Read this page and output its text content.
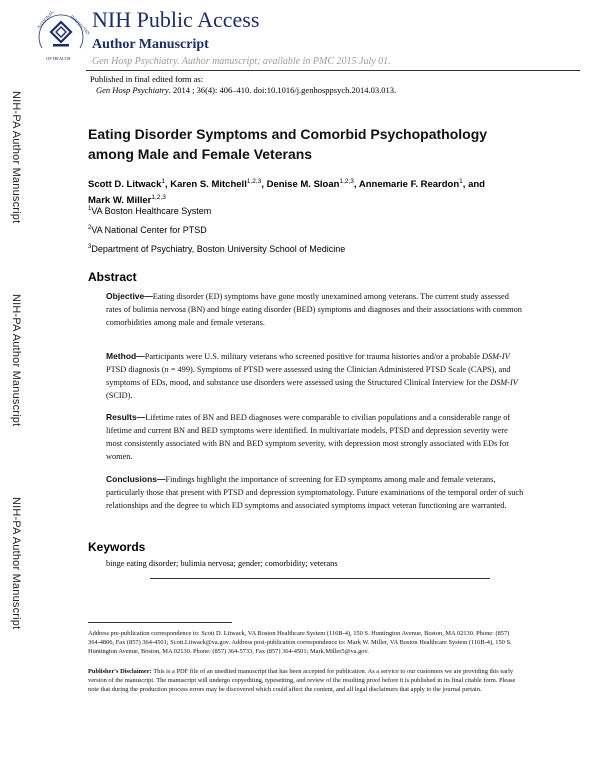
NATIONAL	INSTITUTES
OF HEALTH
NIH Public Access
Author Manuscript
Gen Hosp Psychiatry. Author manuscript; available in PMC 2015 July 01.
NIH-PA Author Manuscript
NIH-PA Author Manuscript
NIH-PA Author Manuscript
Published in final edited form as:
Gen Hosp Psychiatry. 2014 ; 36(4): 406–410. doi:10.1016/j.genhosppsych.2014.03.013.
Eating Disorder Symptoms and Comorbid Psychopathology among Male and Female Veterans
Scott D. Litwack$^1$, Karen S. Mitchell$^{1,2,3}$, Denise M. Sloan$^{1,2,3}$, Annemarie F. Reardon$^1$, and
Mark W. Miller$^{1,2,3}$
$^1$VA Boston Healthcare System
$^2$VA National Center for PTSD
$^3$Department of Psychiatry, Boston University School of Medicine
Abstract
Objective—Eating disorder (ED) symptoms have gone mostly unexamined among veterans. The current study assessed rates of bulimia nervosa (BN) and binge eating disorder (BED) symptoms and diagnoses and their associations with common comorbidities among male and female veterans.
Method—Participants were U.S. military veterans who screened positive for trauma histories and/or a probable DSM-IV PTSD diagnosis (n = 499). Symptoms of PTSD were assessed using the Clinician Administered PTSD Scale (CAPS), and symptoms of EDs, mood, and substance use disorders were assessed using the Structured Clinical Interview for the DSM-IV (SCID).
Results—Lifetime rates of BN and BED diagnoses were comparable to civilian populations and a considerable range of lifetime and current BN and BED symptoms were identified. In multivariate models, PTSD and depression severity were most consistently associated with BN and BED symptom severity, with depression most strongly associated with EDs for women.
Conclusions—Findings highlight the importance of screening for ED symptoms among male and female veterans, particularly those that present with PTSD and depression symptomatology. Future examinations of the temporal order of such relationships and the degree to which ED symptoms and associated symptoms impact veteran functioning are warranted.
Keywords
binge eating disorder; bulimia nervosa; gender; comorbidity; veterans
Address pre-publication correspondence to: Scott D. Litwack, VA Boston Healthcare System (116B-4), 150 S. Huntington Avenue, Boston, MA 02130. Phone: (857) 364-4806, Fax (857) 364-4501; Scott.Litwack@va.gov. Address post-publication correspondence to: Mark W. Miller, VA Boston Healthcare System (116B-4), 150 S. Huntington Avenue, Boston, MA 02130. Phone: (857) 364-5733, Fax (857) 364-4501; Mark.Miller5@va.gov.
Publisher's Disclaimer: This is a PDF file of an unedited manuscript that has been accepted for publication. As a service to our customers we are providing this early version of the manuscript. The manuscript will undergo copyediting, typesetting, and review of the resulting proof before it is published in its final citable form. Please note that during the production process errors may be discovered which could affect the content, and all legal disclaimers that apply to the journal pertain.
